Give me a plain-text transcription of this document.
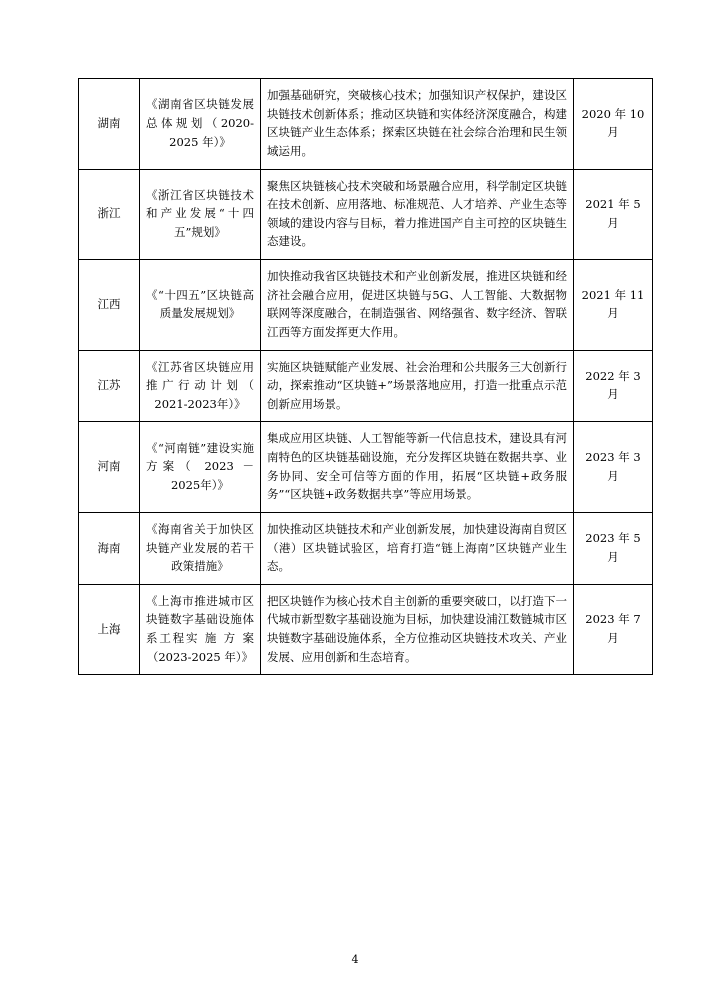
湖南	《湖南省区块链发展总体规划（2020-2025 年）》	加强基础研究，突破核心技术；加强知识产权保护，建设区块链技术创新体系；推动区块链和实体经济深度融合，构建区块链产业生态体系；探索区块链在社会综合治理和民生领域运用。	2020 年 10 月
浙江	《浙江省区块链技术和产业发展“十四五”规划》	聚焦区块链核心技术突破和场景融合应用，科学制定区块链在技术创新、应用落地、标准规范、人才培养、产业生态等领域的建设内容与目标，着力推进国产自主可控的区块链生态建设。	2021 年 5 月
江西	《“十四五”区块链高质量发展规划》	加快推动我省区块链技术和产业创新发展，推进区块链和经济社会融合应用，促进区块链与5G、人工智能、大数据物联网等深度融合，在制造强省、网络强省、数字经济、智联江西等方面发挥更大作用。	2021 年 11 月
江苏	《江苏省区块链应用推广行动计划（ 2021-2023年）》	实施区块链赋能产业发展、社会治理和公共服务三大创新行动，探索推动“区块链+”场景落地应用，打造一批重点示范创新应用场景。	2022 年 3 月
河南	《“河南链”建设实施方案（ 2023 － 2025年）》	集成应用区块链、人工智能等新一代信息技术，建设具有河南特色的区块链基础设施，充分发挥区块链在数据共享、业务协同、安全可信等方面的作用，拓展“区块链+政务服务”“区块链+政务数据共享”等应用场景。	2023 年 3 月
海南	《海南省关于加快区块链产业发展的若干政策措施》	加快推动区块链技术和产业创新发展，加快建设海南自贸区（港）区块链试验区，培育打造“链上海南”区块链产业生态。	2023 年 5 月
上海	《上海市推进城市区块链数字基础设施体系工程实 施 方 案（2023-2025 年）》	把区块链作为核心技术自主创新的重要突破口，以打造下一代城市新型数字基础设施为目标，加快建设浦江数链城市区块链数字基础设施体系，全方位推动区块链技术攻关、产业发展、应用创新和生态培育。	2023 年 7 月
4
